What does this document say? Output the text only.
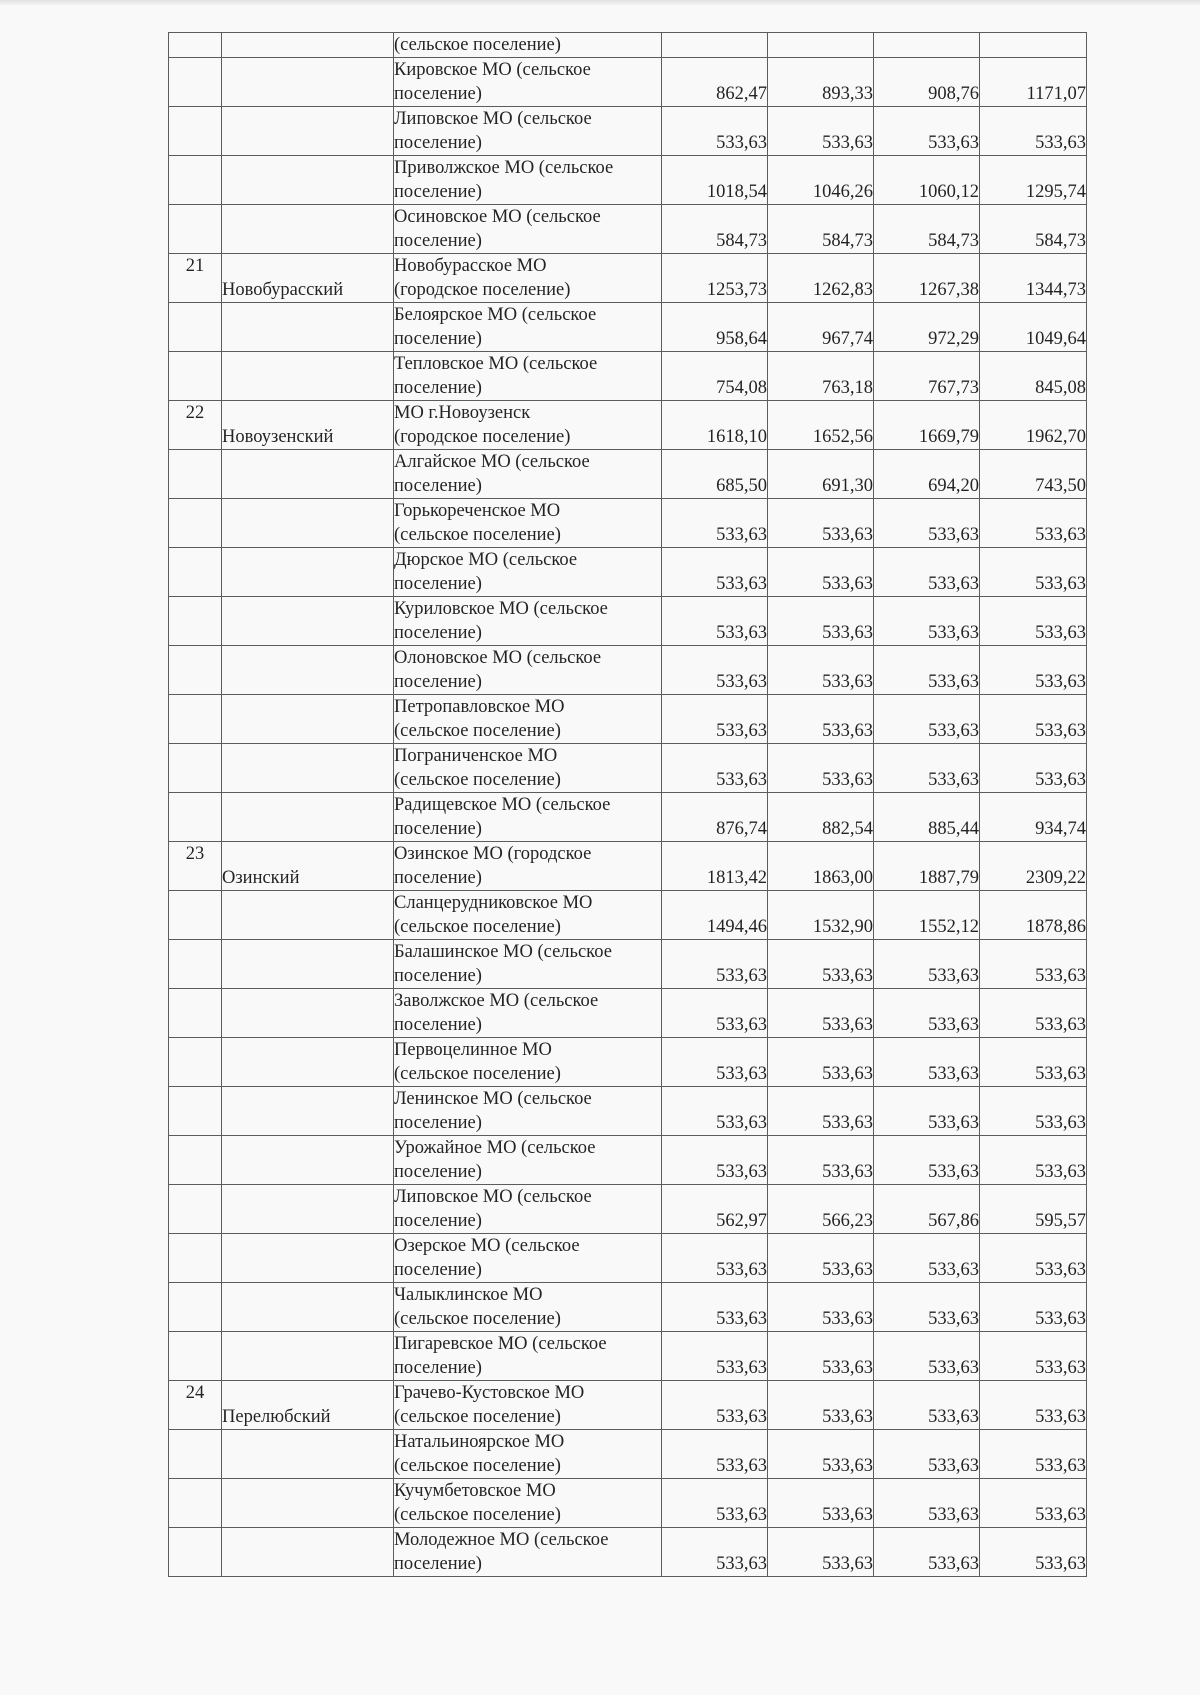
		(сельское поселение)				

		Кировское МО (сельское
поселение)	862,47	893,33	908,76	1171,07

		Липовское МО (сельское
поселение)	533,63	533,63	533,63	533,63

		Приволжское МО (сельское
поселение)	1018,54	1046,26	1060,12	1295,74

		Осиновское МО (сельское
поселение)	584,73	584,73	584,73	584,73
21	Новобурасский	Новобурасское МО
(городское поселение)	1253,73	1262,83	1267,38	1344,73

		Белоярское МО (сельское
поселение)	958,64	967,74	972,29	1049,64

		Тепловское МО (сельское
поселение)	754,08	763,18	767,73	845,08
22	Новоузенский	МО г.Новоузенск
(городское поселение)	1618,10	1652,56	1669,79	1962,70

		Алгайское МО (сельское
поселение)	685,50	691,30	694,20	743,50

		Горькореченское МО
(сельское поселение)	533,63	533,63	533,63	533,63

		Дюрское МО (сельское
поселение)	533,63	533,63	533,63	533,63

		Куриловское МО (сельское
поселение)	533,63	533,63	533,63	533,63

		Олоновское МО (сельское
поселение)	533,63	533,63	533,63	533,63

		Петропавловское МО
(сельское поселение)	533,63	533,63	533,63	533,63

		Пограниченское МО
(сельское поселение)	533,63	533,63	533,63	533,63

		Радищевское МО (сельское
поселение)	876,74	882,54	885,44	934,74
23	Озинский	Озинское МО (городское
поселение)	1813,42	1863,00	1887,79	2309,22

		Сланцерудниковское МО
(сельское поселение)	1494,46	1532,90	1552,12	1878,86

		Балашинское МО (сельское
поселение)	533,63	533,63	533,63	533,63

		Заволжское МО (сельское
поселение)	533,63	533,63	533,63	533,63

		Первоцелинное МО
(сельское поселение)	533,63	533,63	533,63	533,63

		Ленинское МО (сельское
поселение)	533,63	533,63	533,63	533,63

		Урожайное МО (сельское
поселение)	533,63	533,63	533,63	533,63

		Липовское МО (сельское
поселение)	562,97	566,23	567,86	595,57

		Озерское МО (сельское
поселение)	533,63	533,63	533,63	533,63

		Чалыклинское МО
(сельское поселение)	533,63	533,63	533,63	533,63

		Пигаревское МО (сельское
поселение)	533,63	533,63	533,63	533,63
24	Перелюбский	Грачево-Кустовское МО
(сельское поселение)	533,63	533,63	533,63	533,63

		Натальиноярское МО
(сельское поселение)	533,63	533,63	533,63	533,63

		Кучумбетовское МО
(сельское поселение)	533,63	533,63	533,63	533,63

		Молодежное МО (сельское
поселение)	533,63	533,63	533,63	533,63
